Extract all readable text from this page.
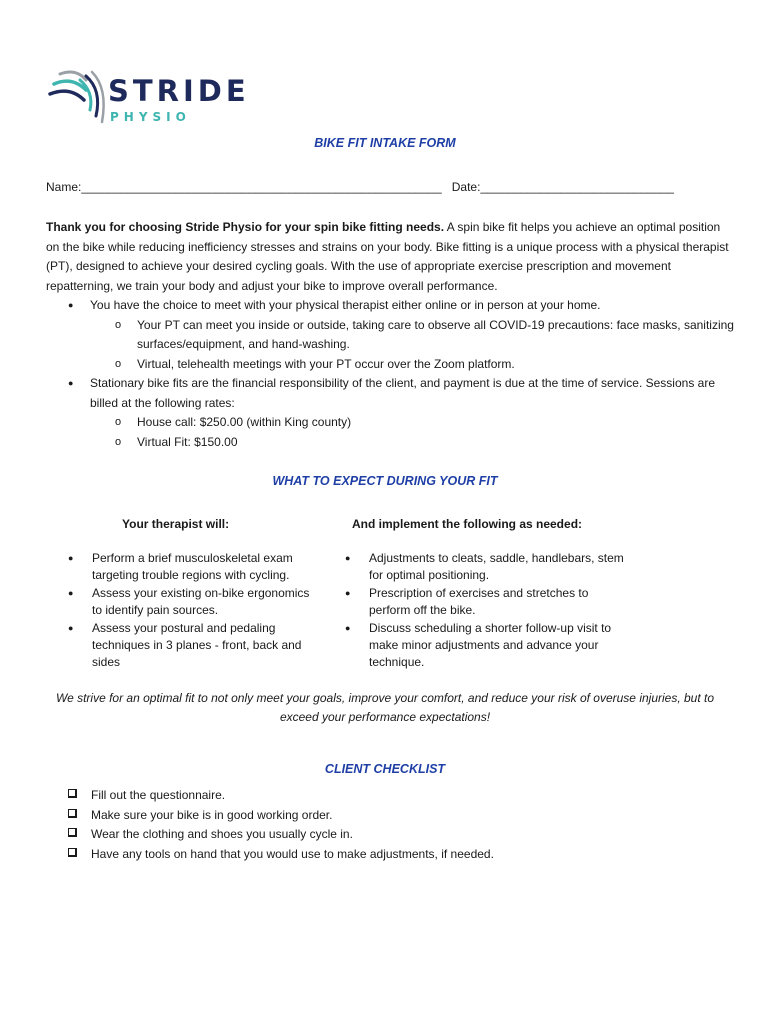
STRIDE
PHYSIO
BIKE FIT INTAKE FORM
Name:______________________________________________________ Date:_____________________________

Thank you for choosing Stride Physio for your spin bike fitting needs. A spin bike fit helps you achieve an optimal position on the bike while reducing inefficiency stresses and strains on your body. Bike fitting is a unique process with a physical therapist (PT), designed to achieve your desired cycling goals. With the use of appropriate exercise prescription and movement repatterning, we train your body and adjust your bike to improve overall performance.

● You have the choice to meet with your physical therapist either online or in person at your home.
o Your PT can meet you inside or outside, taking care to observe all COVID-19 precautions: face masks, sanitizing surfaces/equipment, and hand-washing.
o Virtual, telehealth meetings with your PT occur over the Zoom platform.
● Stationary bike fits are the financial responsibility of the client, and payment is due at the time of service. Sessions are billed at the following rates:
o House call: $250.00 (within King county)
o Virtual Fit: $150.00
WHAT TO EXPECT DURING YOUR FIT
Your therapist will:	And implement the following as needed:
● Perform a brief musculoskeletal exam targeting trouble regions with cycling.
● Assess your existing on-bike ergonomics to identify pain sources.
● Assess your postural and pedaling techniques in 3 planes - front, back and sides
● Adjustments to cleats, saddle, handlebars, stem for optimal positioning.
● Prescription of exercises and stretches to perform off the bike.
● Discuss scheduling a shorter follow-up visit to make minor adjustments and advance your technique.
We strive for an optimal fit to not only meet your goals, improve your comfort, and reduce your risk of overuse injuries, but to exceed your performance expectations!
CLIENT CHECKLIST
Fill out the questionnaire.
Make sure your bike is in good working order.
Wear the clothing and shoes you usually cycle in.
Have any tools on hand that you would use to make adjustments, if needed.
